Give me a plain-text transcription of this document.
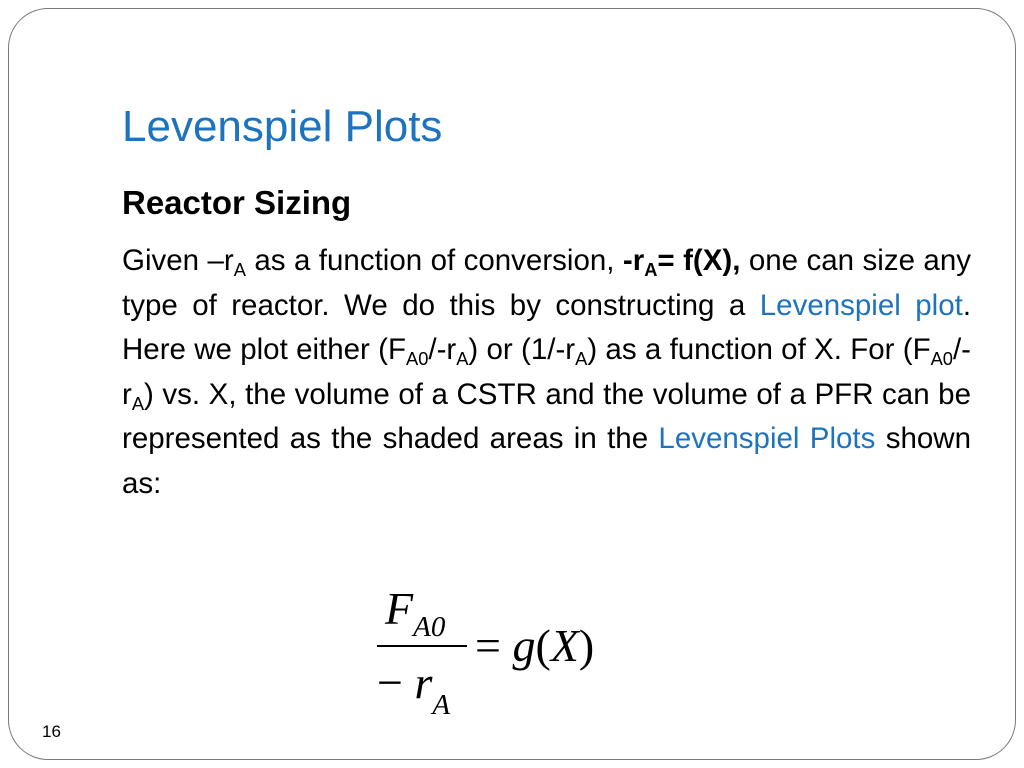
Levenspiel Plots
Reactor Sizing

Given $-r_A$ as a function of conversion, $-r_A= f(X)$, one can size any type of reactor. We do this by constructing a Levenspiel plot. Here we plot either $(F_{A0}/-r_A)$ or $(1/-r_A)$ as a function of X. For $(F_{A0}/-r_A)$ vs. X, the volume of a CSTR and the volume of a PFR can be represented as the shaded areas in the Levenspiel Plots shown as:

$F_{A0}$
− $r_A$
= g(X)

16
